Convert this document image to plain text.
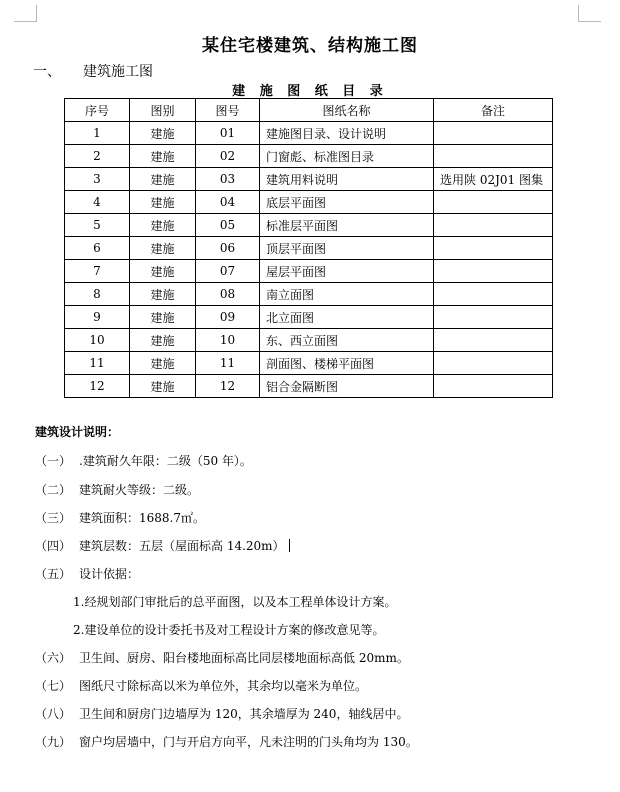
某住宅楼建筑、结构施工图
一、 建筑施工图
建 施 图 纸 目 录
序号	图别	图号	图纸名称	备注
1	建施	01	建施图目录、设计说明	
2	建施	02	门窗彪、标准图目录	
3	建施	03	建筑用料说明	选用陕 02J01 图集
4	建施	04	底层平面图	
5	建施	05	标准层平面图	
6	建施	06	顶层平面图	
7	建施	07	屋层平面图	
8	建施	08	南立面图	
9	建施	09	北立面图	
10	建施	10	东、西立面图	
11	建施	11	剖面图、楼梯平面图	
12	建施	12	铝合金隔断图	
建筑设计说明：
（一） .建筑耐久年限：二级（50 年）。
（二） 建筑耐火等级：二级。
（三） 建筑面积：1688.7㎡。
（四） 建筑层数：五层（屋面标高 14.20m）
（五） 设计依据：
1.经规划部门审批后的总平面图，以及本工程单体设计方案。
2.建设单位的设计委托书及对工程设计方案的修改意见等。
（六） 卫生间、厨房、阳台楼地面标高比同层楼地面标高低 20mm。
（七） 图纸尺寸除标高以米为单位外，其余均以毫米为单位。
（八） 卫生间和厨房门边墙厚为 120，其余墙厚为 240，轴线居中。
（九） 窗户均居墙中，门与开启方向平，凡未注明的门头角均为 130。
